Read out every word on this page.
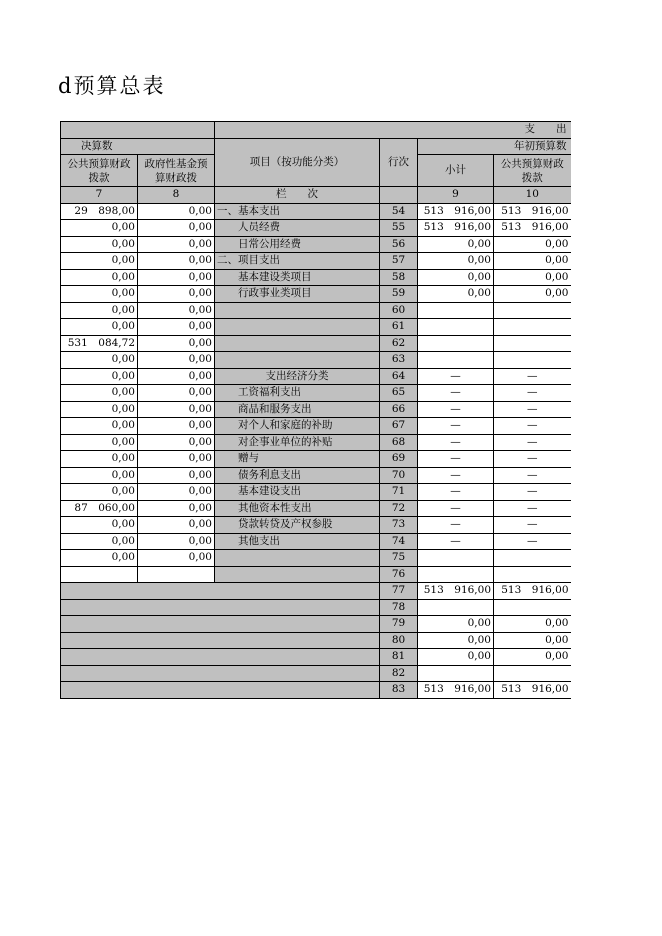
d预算总表
		支　　出			
决算数		项目（按功能分类）	行次	年初预算数	
公共预算财政拨款	政府性基金预算财政拨			小计	公共预算财政拨款
7	8	栏　　次		9	10
29　898,00	0,00	一、基本支出	54	513　916,00	513　916,00
0,00	0,00	　　人员经费	55	513　916,00	513　916,00
0,00	0,00	　　日常公用经费	56	0,00	0,00
0,00	0,00	二、项目支出	57	0,00	0,00
0,00	0,00	　　基本建设类项目	58	0,00	0,00
0,00	0,00	　　行政事业类项目	59	0,00	0,00
0,00	0,00		60		
0,00	0,00		61		
531　084,72	0,00		62		
0,00	0,00		63		
0,00	0,00	支出经济分类	64	—	—
0,00	0,00	　　工资福利支出	65	—	—
0,00	0,00	　　商品和服务支出	66	—	—
0,00	0,00	　　对个人和家庭的补助	67	—	—
0,00	0,00	　　对企事业单位的补贴	68	—	—
0,00	0,00	　　赠与	69	—	—
0,00	0,00	　　债务利息支出	70	—	—
0,00	0,00	　　基本建设支出	71	—	—
87　060,00	0,00	　　其他资本性支出	72	—	—
0,00	0,00	　　贷款转贷及产权参股	73	—	—
0,00	0,00	　　其他支出	74	—	—
0,00	0,00		75		
			76		
			77	513　916,00	513　916,00
			78		
			79	0,00	0,00
			80	0,00	0,00
			81	0,00	0,00
			82		
			83	513　916,00	513　916,00
